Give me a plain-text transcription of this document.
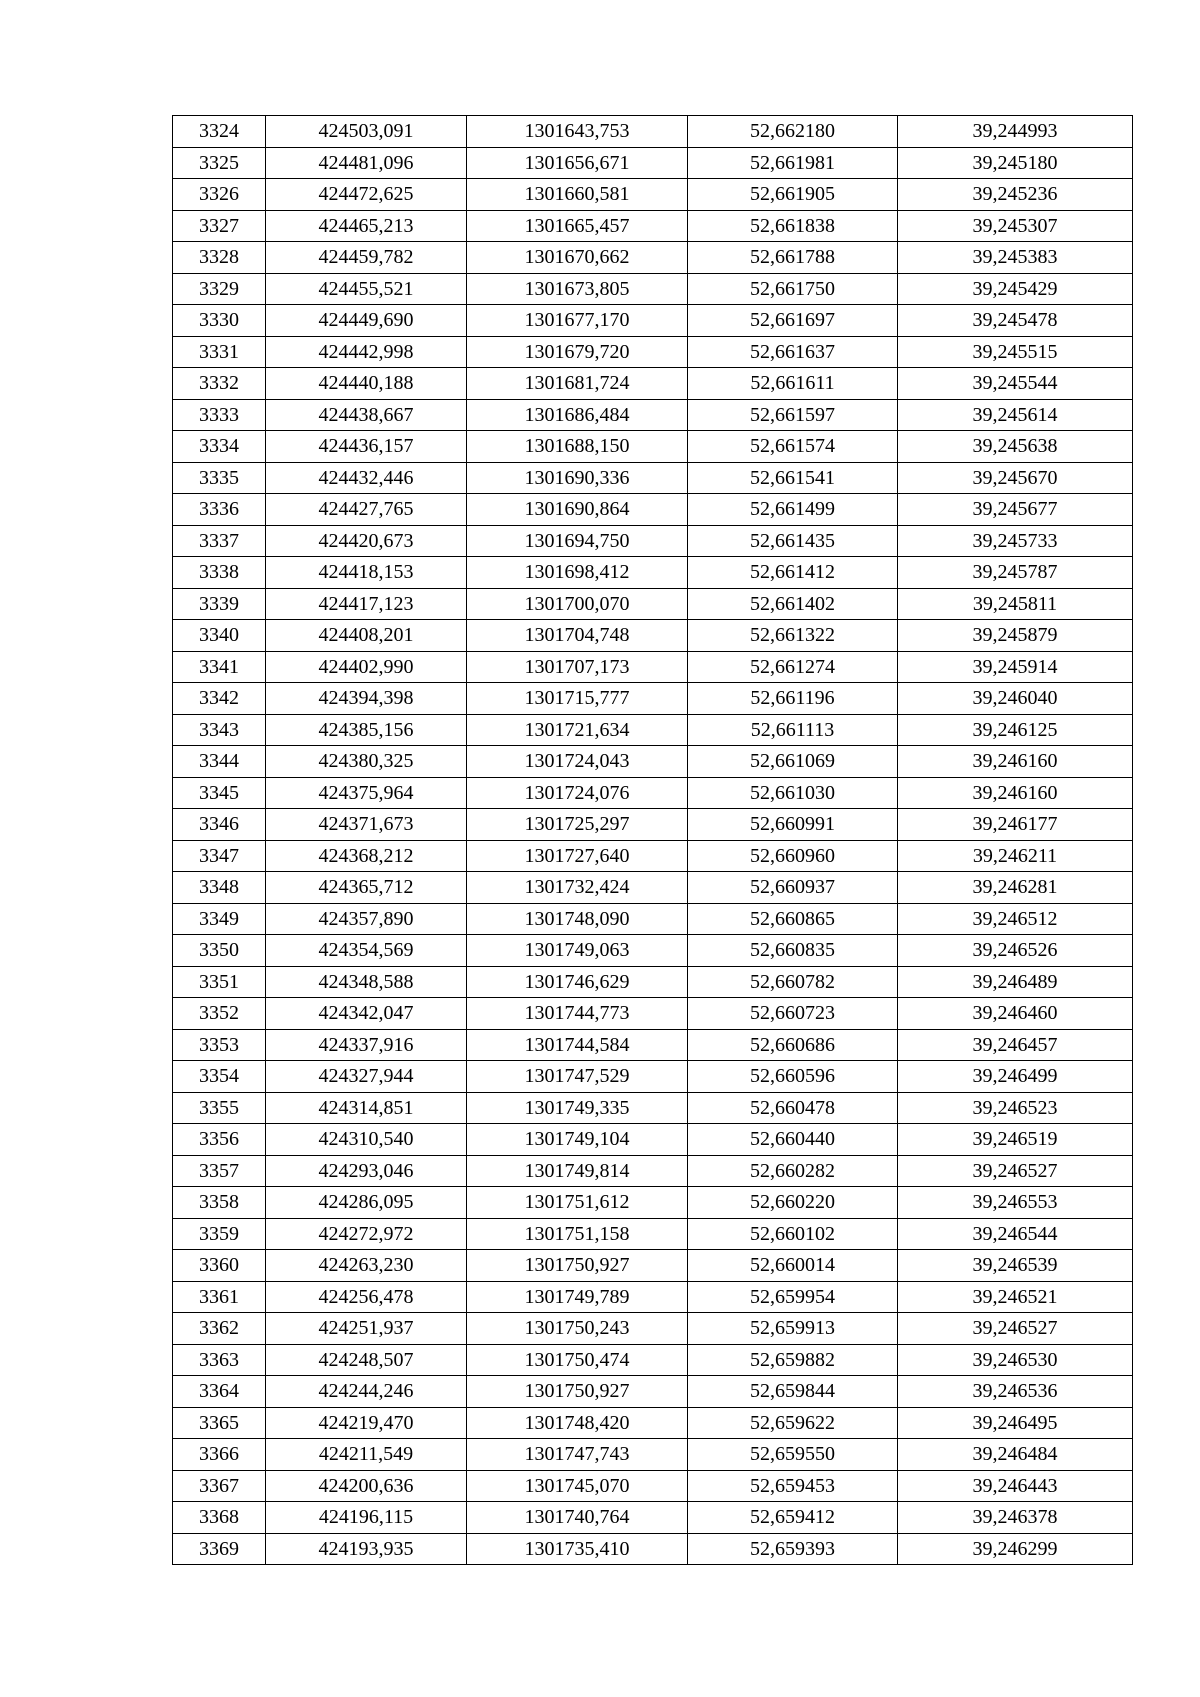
3324	424503,091	1301643,753	52,662180	39,244993
3325	424481,096	1301656,671	52,661981	39,245180
3326	424472,625	1301660,581	52,661905	39,245236
3327	424465,213	1301665,457	52,661838	39,245307
3328	424459,782	1301670,662	52,661788	39,245383
3329	424455,521	1301673,805	52,661750	39,245429
3330	424449,690	1301677,170	52,661697	39,245478
3331	424442,998	1301679,720	52,661637	39,245515
3332	424440,188	1301681,724	52,661611	39,245544
3333	424438,667	1301686,484	52,661597	39,245614
3334	424436,157	1301688,150	52,661574	39,245638
3335	424432,446	1301690,336	52,661541	39,245670
3336	424427,765	1301690,864	52,661499	39,245677
3337	424420,673	1301694,750	52,661435	39,245733
3338	424418,153	1301698,412	52,661412	39,245787
3339	424417,123	1301700,070	52,661402	39,245811
3340	424408,201	1301704,748	52,661322	39,245879
3341	424402,990	1301707,173	52,661274	39,245914
3342	424394,398	1301715,777	52,661196	39,246040
3343	424385,156	1301721,634	52,661113	39,246125
3344	424380,325	1301724,043	52,661069	39,246160
3345	424375,964	1301724,076	52,661030	39,246160
3346	424371,673	1301725,297	52,660991	39,246177
3347	424368,212	1301727,640	52,660960	39,246211
3348	424365,712	1301732,424	52,660937	39,246281
3349	424357,890	1301748,090	52,660865	39,246512
3350	424354,569	1301749,063	52,660835	39,246526
3351	424348,588	1301746,629	52,660782	39,246489
3352	424342,047	1301744,773	52,660723	39,246460
3353	424337,916	1301744,584	52,660686	39,246457
3354	424327,944	1301747,529	52,660596	39,246499
3355	424314,851	1301749,335	52,660478	39,246523
3356	424310,540	1301749,104	52,660440	39,246519
3357	424293,046	1301749,814	52,660282	39,246527
3358	424286,095	1301751,612	52,660220	39,246553
3359	424272,972	1301751,158	52,660102	39,246544
3360	424263,230	1301750,927	52,660014	39,246539
3361	424256,478	1301749,789	52,659954	39,246521
3362	424251,937	1301750,243	52,659913	39,246527
3363	424248,507	1301750,474	52,659882	39,246530
3364	424244,246	1301750,927	52,659844	39,246536
3365	424219,470	1301748,420	52,659622	39,246495
3366	424211,549	1301747,743	52,659550	39,246484
3367	424200,636	1301745,070	52,659453	39,246443
3368	424196,115	1301740,764	52,659412	39,246378
3369	424193,935	1301735,410	52,659393	39,246299
